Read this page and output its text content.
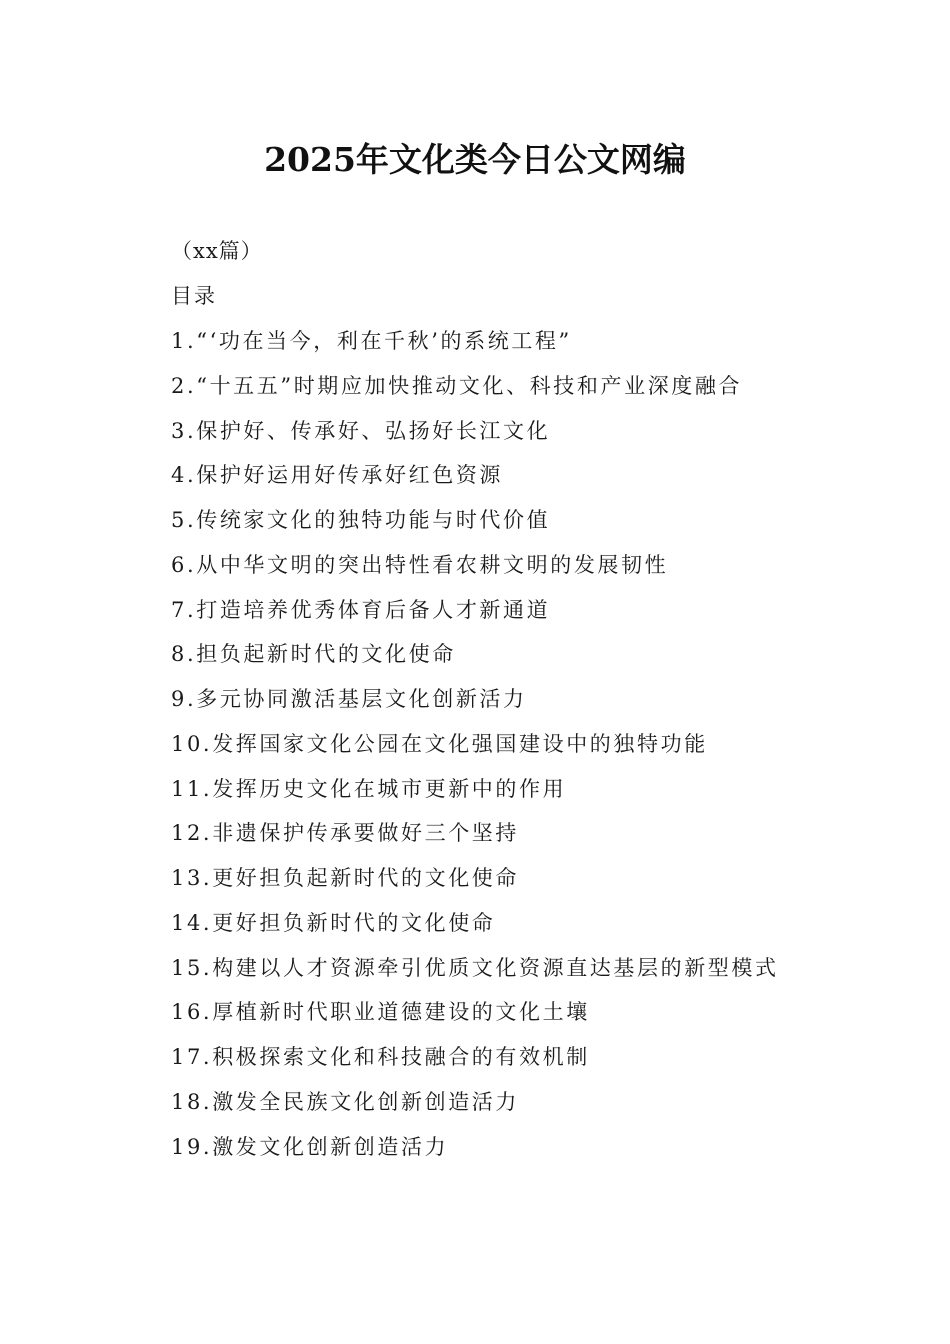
2025年文化类今日公文网编
（xx篇）
目录
1.“‘功在当今，利在千秋’的系统工程”
2.“十五五”时期应加快推动文化、科技和产业深度融合
3.保护好、传承好、弘扬好长江文化
4.保护好运用好传承好红色资源
5.传统家文化的独特功能与时代价值
6.从中华文明的突出特性看农耕文明的发展韧性
7.打造培养优秀体育后备人才新通道
8.担负起新时代的文化使命
9.多元协同激活基层文化创新活力
10.发挥国家文化公园在文化强国建设中的独特功能
11.发挥历史文化在城市更新中的作用
12.非遗保护传承要做好三个坚持
13.更好担负起新时代的文化使命
14.更好担负新时代的文化使命
15.构建以人才资源牵引优质文化资源直达基层的新型模式
16.厚植新时代职业道德建设的文化土壤
17.积极探索文化和科技融合的有效机制
18.激发全民族文化创新创造活力
19.激发文化创新创造活力
